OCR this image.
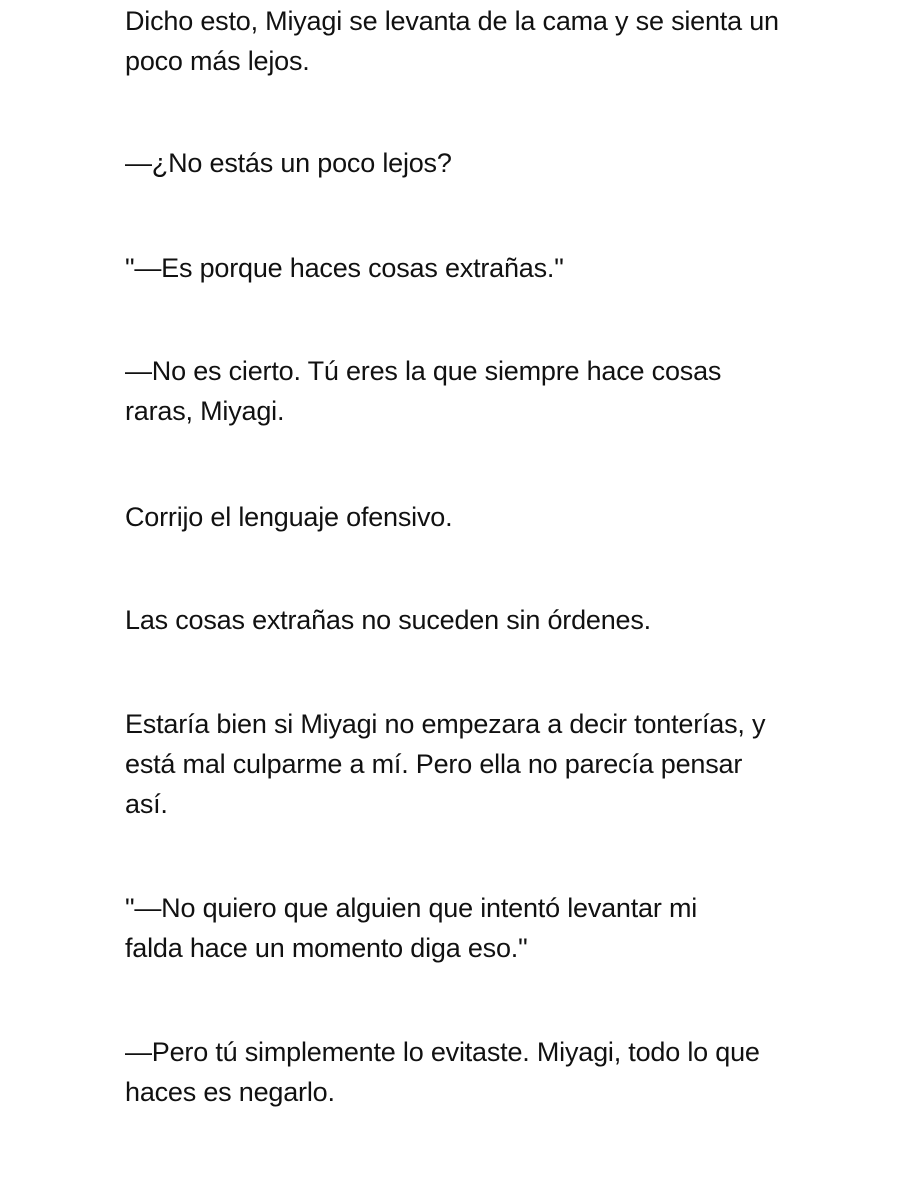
Dicho esto, Miyagi se levanta de la cama y se sienta un
poco más lejos.

—¿No estás un poco lejos?

"—Es porque haces cosas extrañas."

—No es cierto. Tú eres la que siempre hace cosas
raras, Miyagi.

Corrijo el lenguaje ofensivo.

Las cosas extrañas no suceden sin órdenes.

Estaría bien si Miyagi no empezara a decir tonterías, y
está mal culparme a mí. Pero ella no parecía pensar
así.

"—No quiero que alguien que intentó levantar mi
falda hace un momento diga eso."

—Pero tú simplemente lo evitaste. Miyagi, todo lo que
haces es negarlo.
